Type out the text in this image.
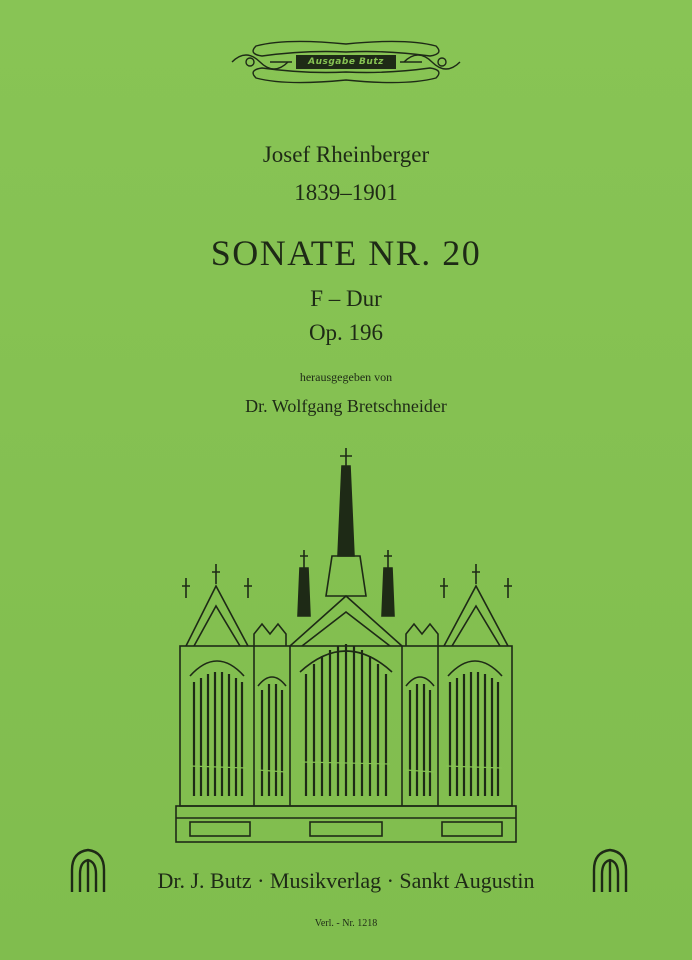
Ausgabe Butz
Josef Rheinberger
1839–1901
SONATE NR. 20
F – Dur
Op. 196
herausgegeben von
Dr. Wolfgang Bretschneider
Dr. J. Butz · Musikverlag · Sankt Augustin
Verl. - Nr. 1218
